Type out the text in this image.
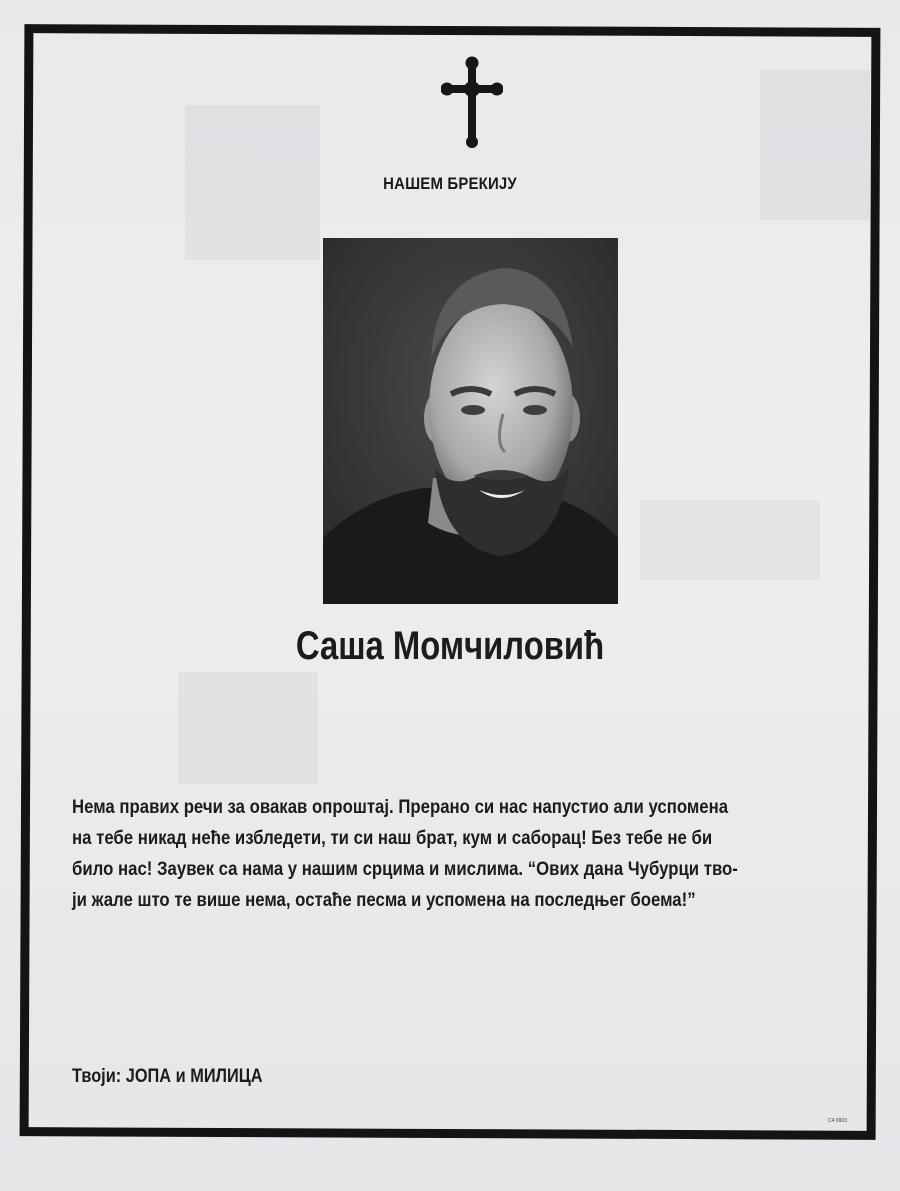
НАШЕМ БРЕКИЈУ
Саша Момчиловић
Нема правих речи за овакав опроштај. Прерано си нас напустио али успомена
на тебе никад неће избледети, ти си наш брат, кум и саборац! Без тебе не би
било нас! Заувек са нама у нашим срцима и мислима. “Ових дана Чубурци тво-
ји жале што те више нема, остаће песма и успомена на последњег боема!”
Твоји: ЈОПА и МИЛИЦА
C4 0903
